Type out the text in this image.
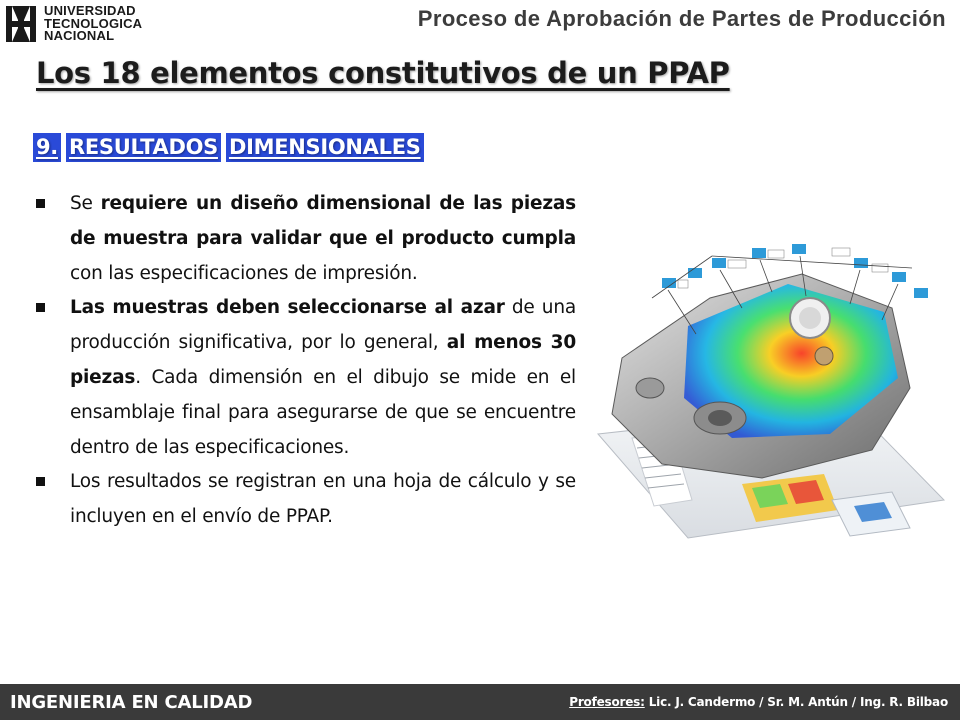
UNIVERSIDAD
TECNOLOGICA
NACIONAL
Proceso de Aprobación de Partes de Producción
Los 18 elementos constitutivos de un PPAP
9. RESULTADOS DIMENSIONALES
Se requiere un diseño dimensional de las piezas de muestra para validar que el producto cumpla con las especificaciones de impresión.
Las muestras deben seleccionarse al azar de una producción significativa, por lo general, al menos 30 piezas. Cada dimensión en el dibujo se mide en el ensamblaje final para asegurarse de que se encuentre dentro de las especificaciones.
Los resultados se registran en una hoja de cálculo y se incluyen en el envío de PPAP.
INGENIERIA EN CALIDAD	Profesores: Lic. J. Candermo / Sr. M. Antún / Ing. R. Bilbao
